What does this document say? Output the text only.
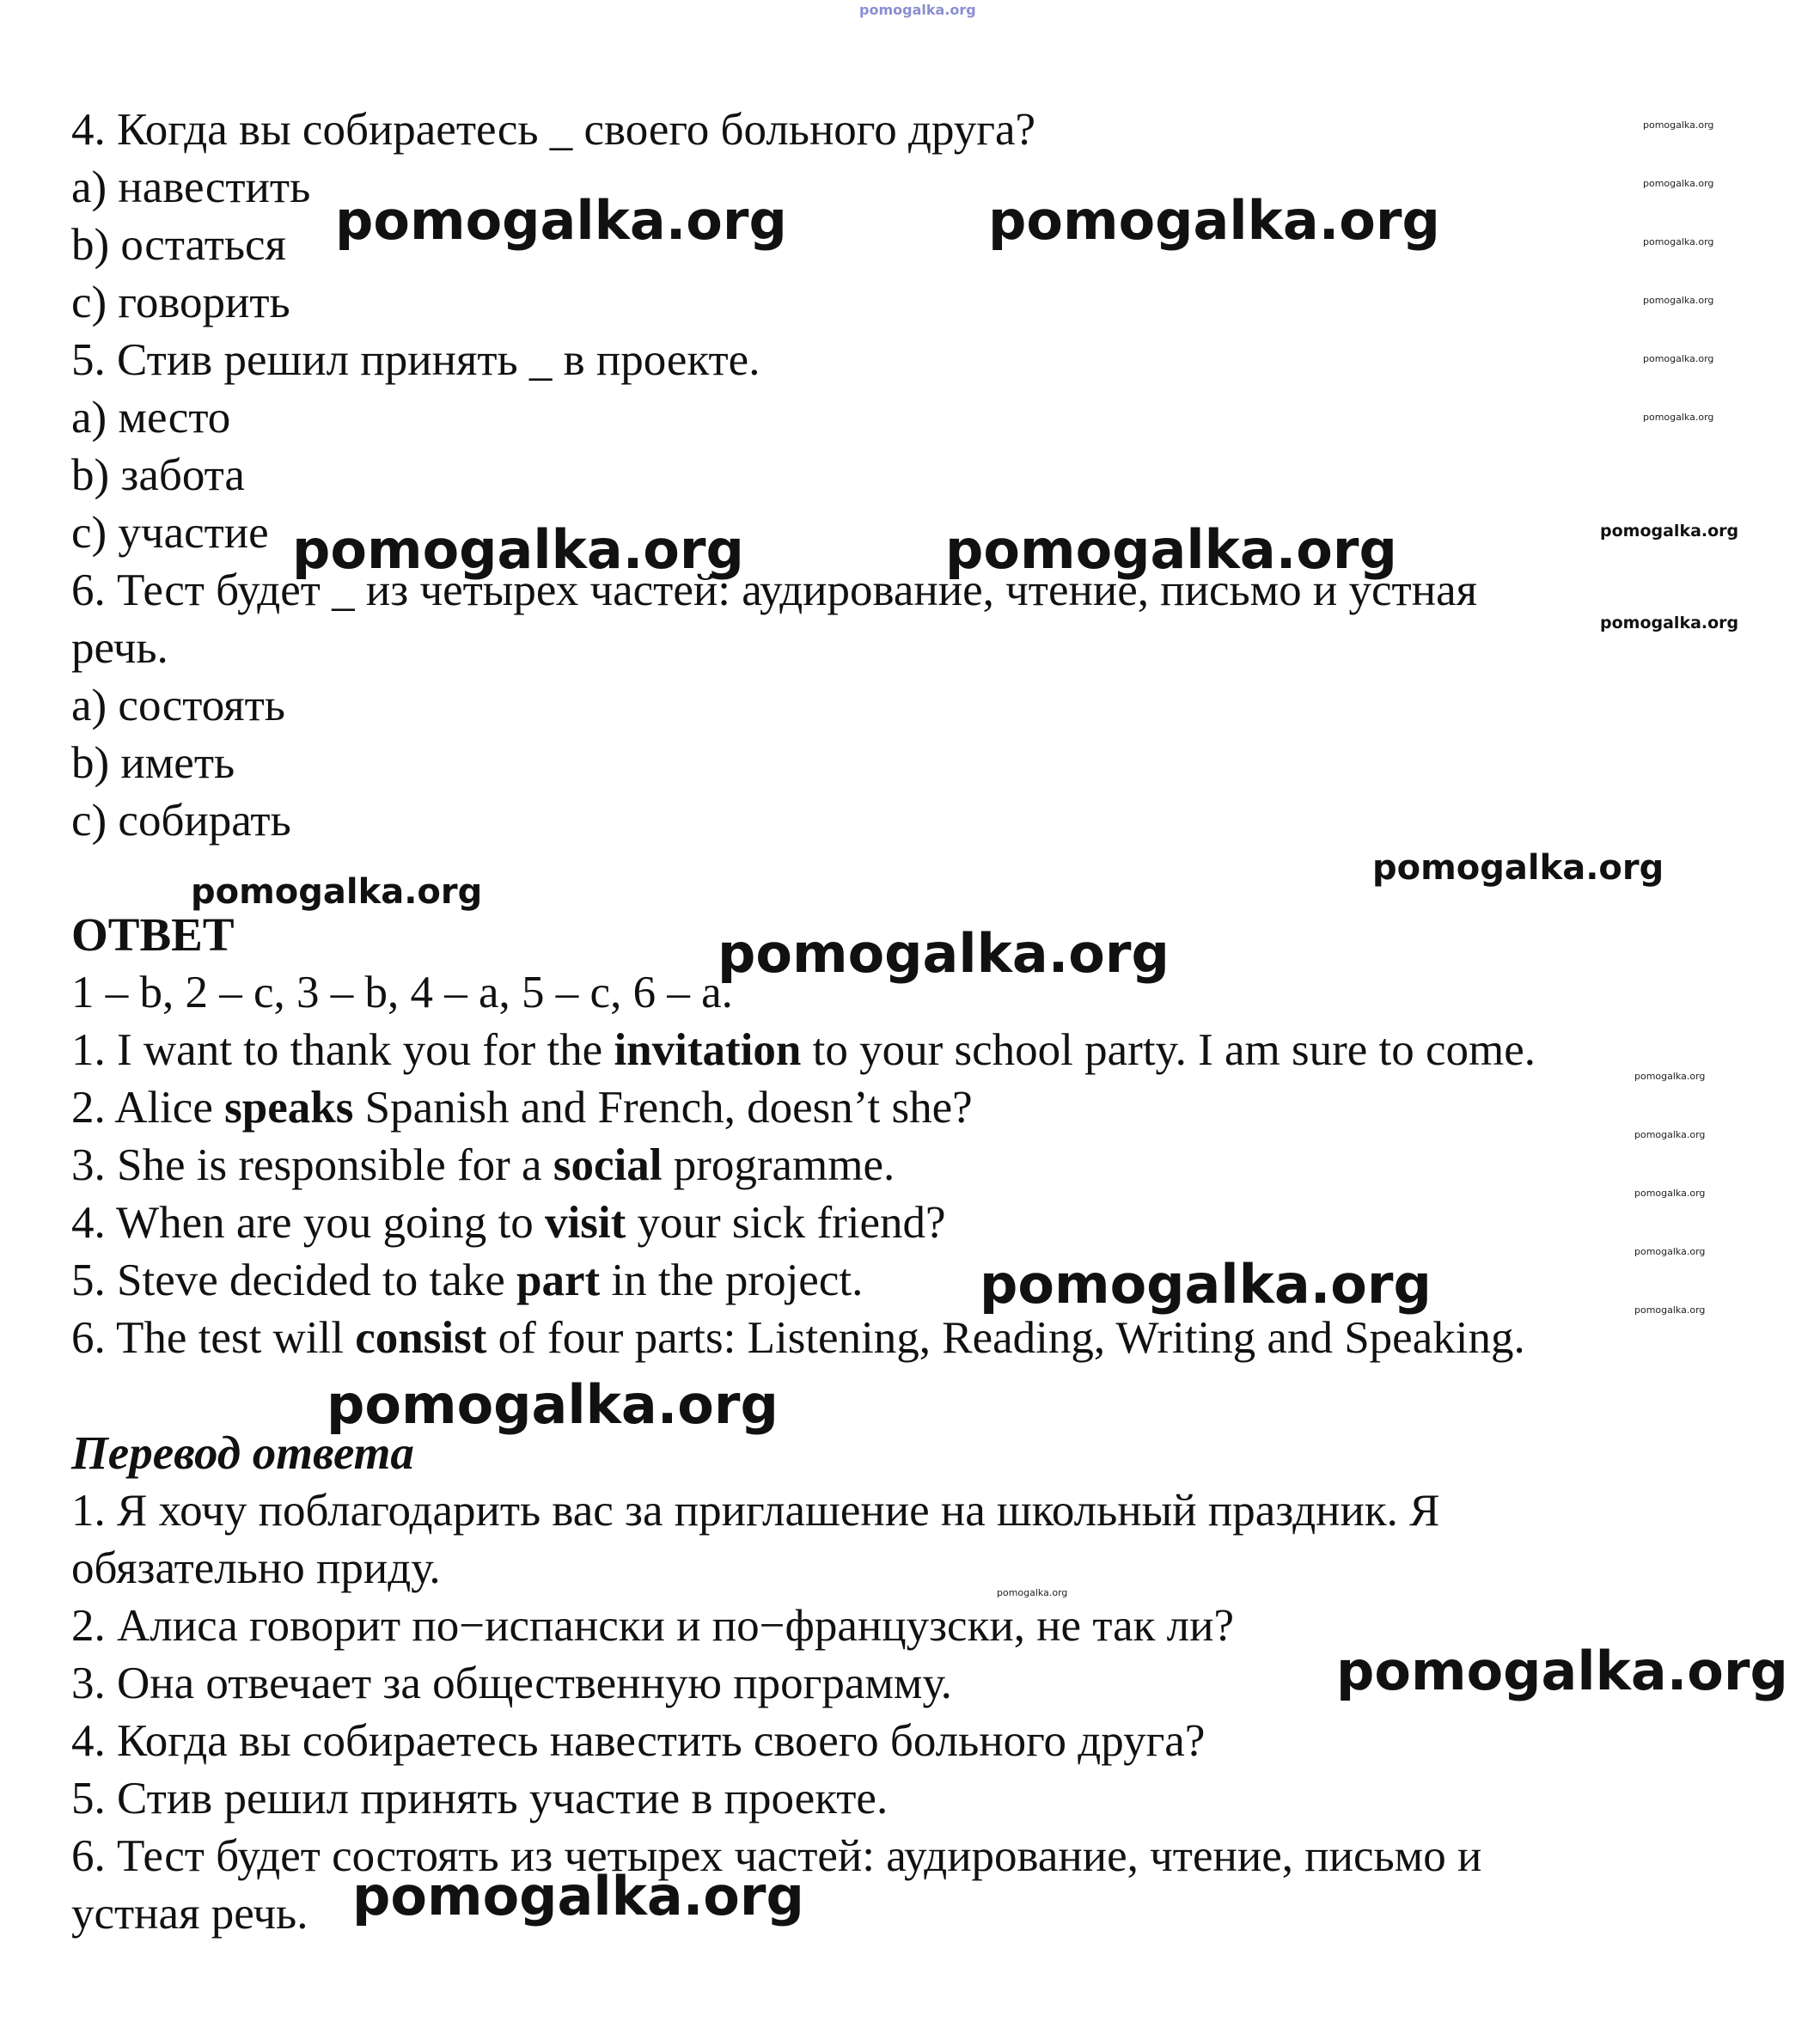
pomogalka.org

4. Когда вы собираетесь _ своего больного друга?

a) навестить

b) остаться

c) говорить

5. Стив решил принять _ в проекте.

a) место

b) забота

c) участие

6. Тест будет _ из четырех частей: аудирование, чтение, письмо и устная

речь.

a) состоять

b) иметь

c) собирать

ОТВЕТ

1 – b, 2 – c, 3 – b, 4 – a, 5 – c, 6 – a.

1. I want to thank you for the invitation to your school party. I am sure to come.

2. Alice speaks Spanish and French, doesn’t she?

3. She is responsible for a social programme.

4. When are you going to visit your sick friend?

5. Steve decided to take part in the project.

6. The test will consist of four parts: Listening, Reading, Writing and Speaking.

Перевод ответа

1. Я хочу поблагодарить вас за приглашение на школьный праздник. Я

обязательно приду.

2. Алиса говорит по−испански и по−французски, не так ли?

3. Она отвечает за общественную программу.

4. Когда вы собираетесь навестить своего больного друга?

5. Стив решил принять участие в проекте.

6. Тест будет состоять из четырех частей: аудирование, чтение, письмо и

устная речь.

pomogalka.org	pomogalka.org
pomogalka.org	pomogalka.org
pomogalka.org
pomogalka.org
pomogalka.org
pomogalka.org
pomogalka.org
pomogalka.org
pomogalka.org
pomogalka.org
pomogalka.org
pomogalka.org
pomogalka.org
pomogalka.org
pomogalka.org
pomogalka.org
pomogalka.org
pomogalka.org
pomogalka.org
pomogalka.org
pomogalka.org
pomogalka.org
pomogalka.org
